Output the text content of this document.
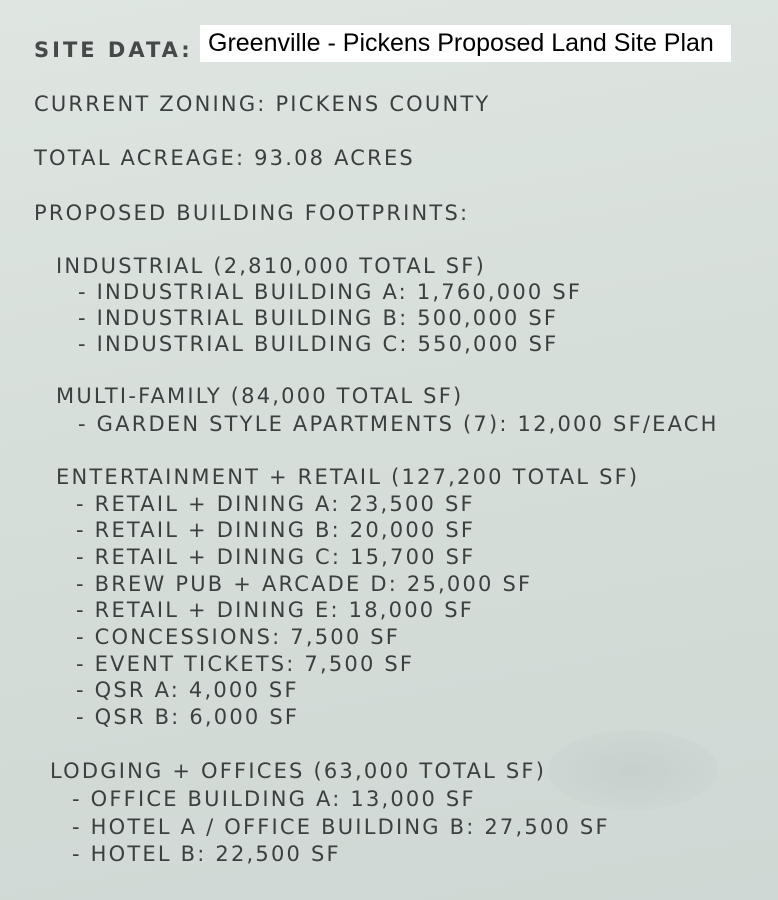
SITE DATA: Greenville - Pickens Proposed Land Site Plan
CURRENT ZONING: PICKENS COUNTY
TOTAL ACREAGE: 93.08 ACRES
PROPOSED BUILDING FOOTPRINTS:
INDUSTRIAL (2,810,000 TOTAL SF)
- INDUSTRIAL BUILDING A: 1,760,000 SF
- INDUSTRIAL BUILDING B: 500,000 SF
- INDUSTRIAL BUILDING C: 550,000 SF
MULTI-FAMILY (84,000 TOTAL SF)
- GARDEN STYLE APARTMENTS (7): 12,000 SF/EACH
ENTERTAINMENT + RETAIL (127,200 TOTAL SF)
- RETAIL + DINING A: 23,500 SF
- RETAIL + DINING B: 20,000 SF
- RETAIL + DINING C: 15,700 SF
- BREW PUB + ARCADE D: 25,000 SF
- RETAIL + DINING E: 18,000 SF
- CONCESSIONS: 7,500 SF
- EVENT TICKETS: 7,500 SF
- QSR A: 4,000 SF
- QSR B: 6,000 SF
LODGING + OFFICES (63,000 TOTAL SF)
- OFFICE BUILDING A: 13,000 SF
- HOTEL A / OFFICE BUILDING B: 27,500 SF
- HOTEL B: 22,500 SF
